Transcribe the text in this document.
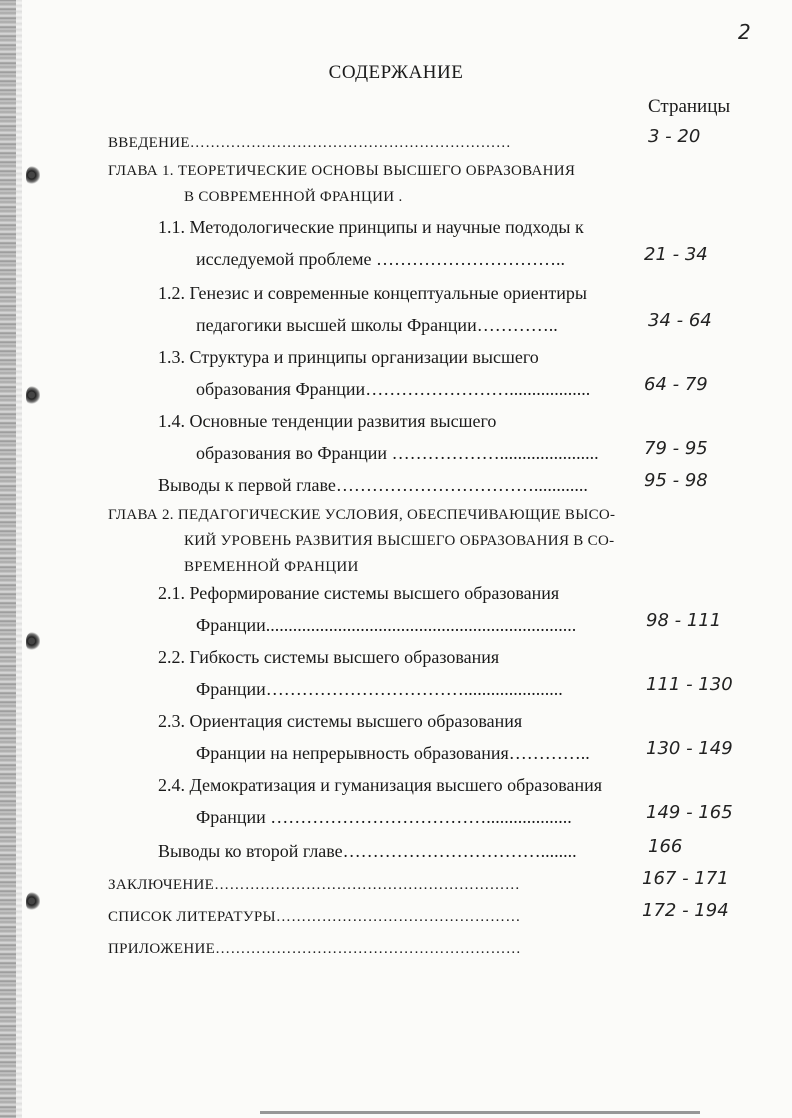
2
СОДЕРЖАНИЕ
Страницы
ВВЕДЕНИЕ………………………………………………………	3 - 20
ГЛАВА 1. ТЕОРЕТИЧЕСКИЕ ОСНОВЫ ВЫСШЕГО ОБРАЗОВАНИЯ
В СОВРЕМЕННОЙ ФРАНЦИИ .
1.1. Методологические принципы и научные подходы к
исследуемой проблеме …………………………..	21 - 34
1.2. Генезис и современные концептуальные ориентиры
педагогики высшей школы Франции…………..	34 - 64
1.3. Структура и принципы организации высшего
образования Франции……………………..................	64 - 79
1.4. Основные тенденции развития высшего
образования во Франции ………………......................	79 - 95
Выводы к первой главе……………………………............	95 - 98
ГЛАВА 2. ПЕДАГОГИЧЕСКИЕ УСЛОВИЯ, ОБЕСПЕЧИВАЮЩИЕ ВЫСО-
КИЙ УРОВЕНЬ РАЗВИТИЯ ВЫСШЕГО ОБРАЗОВАНИЯ В СО-
ВРЕМЕННОЙ ФРАНЦИИ
2.1. Реформирование системы высшего образования
Франции.....................................................................	98 - 111
2.2. Гибкость системы высшего образования
Франции……………………………......................	111 - 130
2.3. Ориентация системы высшего образования
Франции на непрерывность образования…………..	130 - 149
2.4. Демократизация и гуманизация высшего образования
Франции ………………………………...................	149 - 165
Выводы ко второй главе……………………………........	166
ЗАКЛЮЧЕНИЕ……………………………………………………	167 - 171
СПИСОК ЛИТЕРАТУРЫ…………………………………………	172 - 194
ПРИЛОЖЕНИЕ……………………………………………………
